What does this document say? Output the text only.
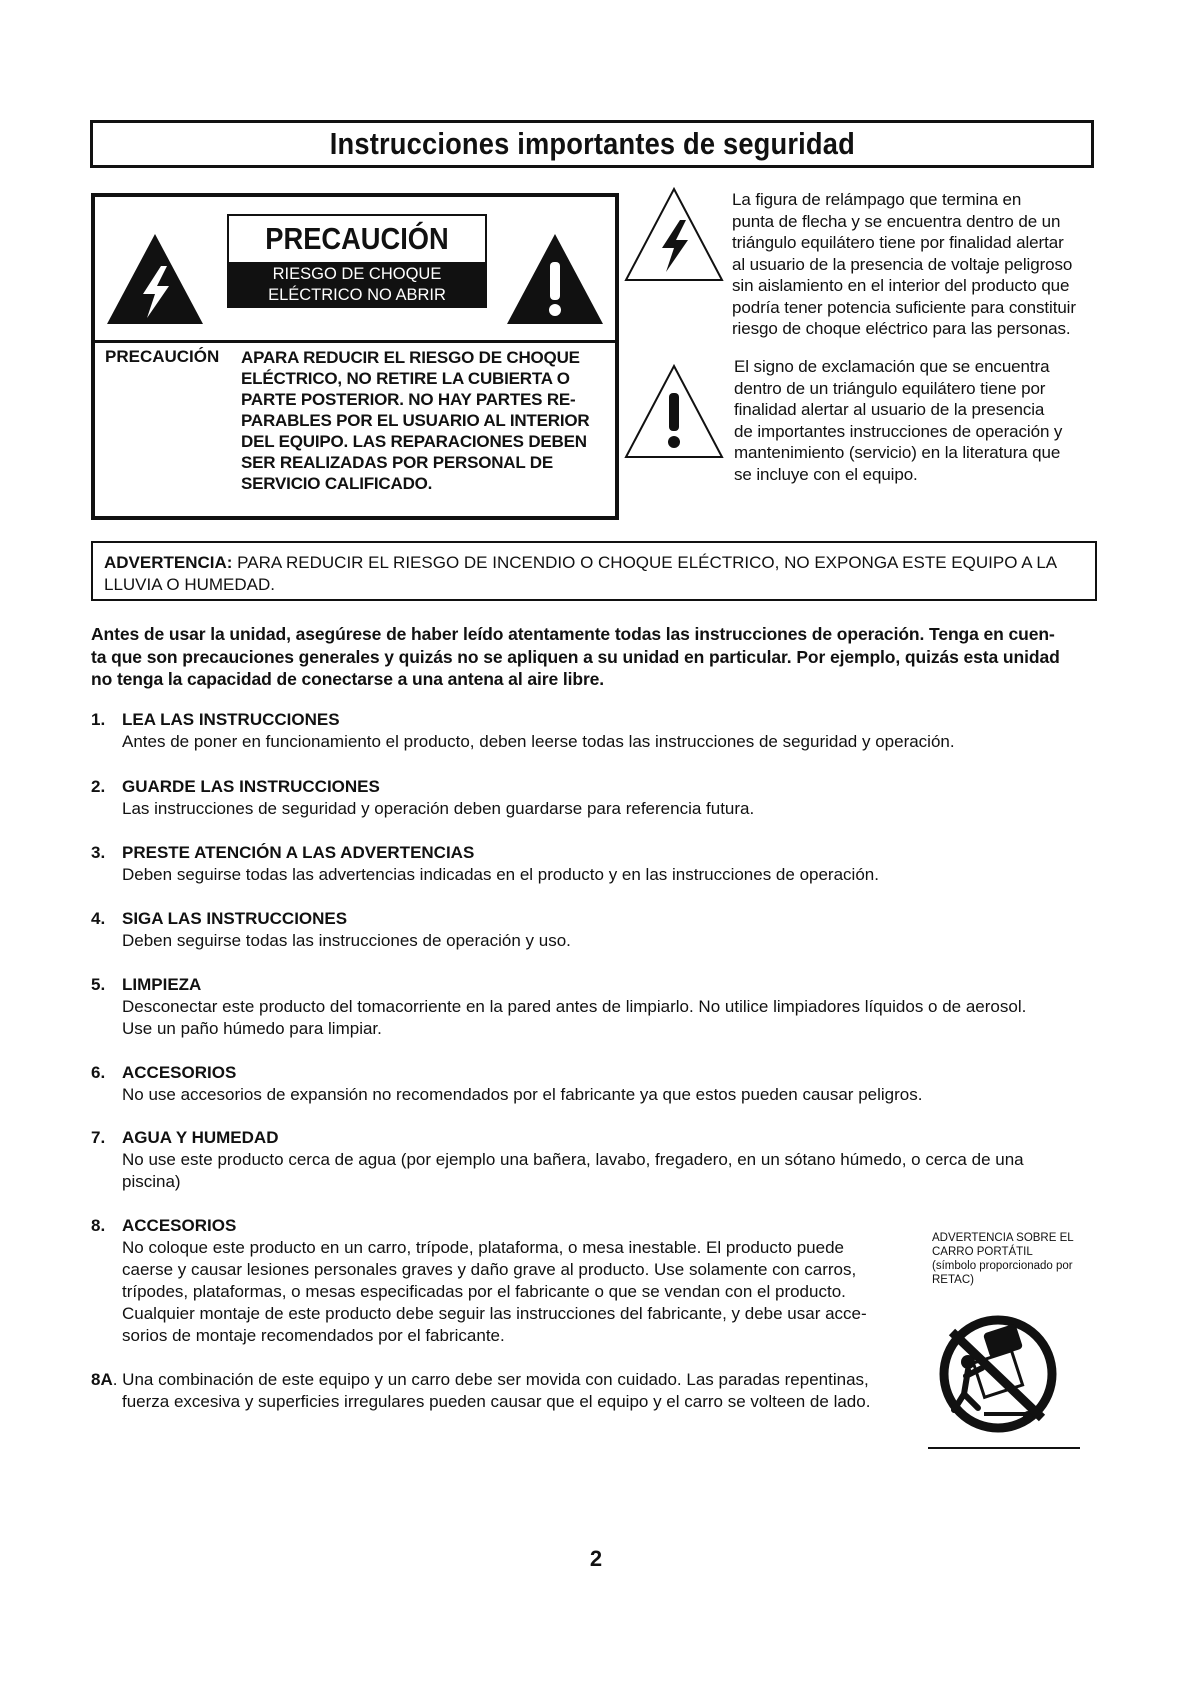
Instrucciones importantes de seguridad
PRECAUCIÓN
RIESGO DE CHOQUE
ELÉCTRICO NO ABRIR
PRECAUCIÓN APARA REDUCIR EL RIESGO DE CHOQUE
ELÉCTRICO, NO RETIRE LA CUBIERTA O
PARTE POSTERIOR. NO HAY PARTES RE-
PARABLES POR EL USUARIO AL INTERIOR
DEL EQUIPO. LAS REPARACIONES DEBEN
SER REALIZADAS POR PERSONAL DE
SERVICIO CALIFICADO.
La figura de relámpago que termina en
punta de flecha y se encuentra dentro de un
triángulo equilátero tiene por finalidad alertar
al usuario de la presencia de voltaje peligroso
sin aislamiento en el interior del producto que
podría tener potencia suficiente para constituir
riesgo de choque eléctrico para las personas.
El signo de exclamación que se encuentra
dentro de un triángulo equilátero tiene por
finalidad alertar al usuario de la presencia
de importantes instrucciones de operación y
mantenimiento (servicio) en la literatura que
se incluye con el equipo.
ADVERTENCIA: PARA REDUCIR EL RIESGO DE INCENDIO O CHOQUE ELÉCTRICO, NO EXPONGA ESTE EQUIPO A LA
LLUVIA O HUMEDAD.
Antes de usar la unidad, asegúrese de haber leído atentamente todas las instrucciones de operación. Tenga en cuen-
ta que son precauciones generales y quizás no se apliquen a su unidad en particular. Por ejemplo, quizás esta unidad
no tenga la capacidad de conectarse a una antena al aire libre.
1. LEA LAS INSTRUCCIONES
Antes de poner en funcionamiento el producto, deben leerse todas las instrucciones de seguridad y operación.
2. GUARDE LAS INSTRUCCIONES
Las instrucciones de seguridad y operación deben guardarse para referencia futura.
3. PRESTE ATENCIÓN A LAS ADVERTENCIAS
Deben seguirse todas las advertencias indicadas en el producto y en las instrucciones de operación.
4. SIGA LAS INSTRUCCIONES
Deben seguirse todas las instrucciones de operación y uso.
5. LIMPIEZA
Desconectar este producto del tomacorriente en la pared antes de limpiarlo. No utilice limpiadores líquidos o de aerosol.
Use un paño húmedo para limpiar.
6. ACCESORIOS
No use accesorios de expansión no recomendados por el fabricante ya que estos pueden causar peligros.
7. AGUA Y HUMEDAD
No use este producto cerca de agua (por ejemplo una bañera, lavabo, fregadero, en un sótano húmedo, o cerca de una
piscina)
8. ACCESORIOS
No coloque este producto en un carro, trípode, plataforma, o mesa inestable. El producto puede
caerse y causar lesiones personales graves y daño grave al producto. Use solamente con carros,
trípodes, plataformas, o mesas especificadas por el fabricante o que se vendan con el producto.
Cualquier montaje de este producto debe seguir las instrucciones del fabricante, y debe usar acce-
sorios de montaje recomendados por el fabricante.
8A. Una combinación de este equipo y un carro debe ser movida con cuidado. Las paradas repentinas,
fuerza excesiva y superficies irregulares pueden causar que el equipo y el carro se volteen de lado.
ADVERTENCIA SOBRE EL
CARRO PORTÁTIL
(símbolo proporcionado por
RETAC)
2
